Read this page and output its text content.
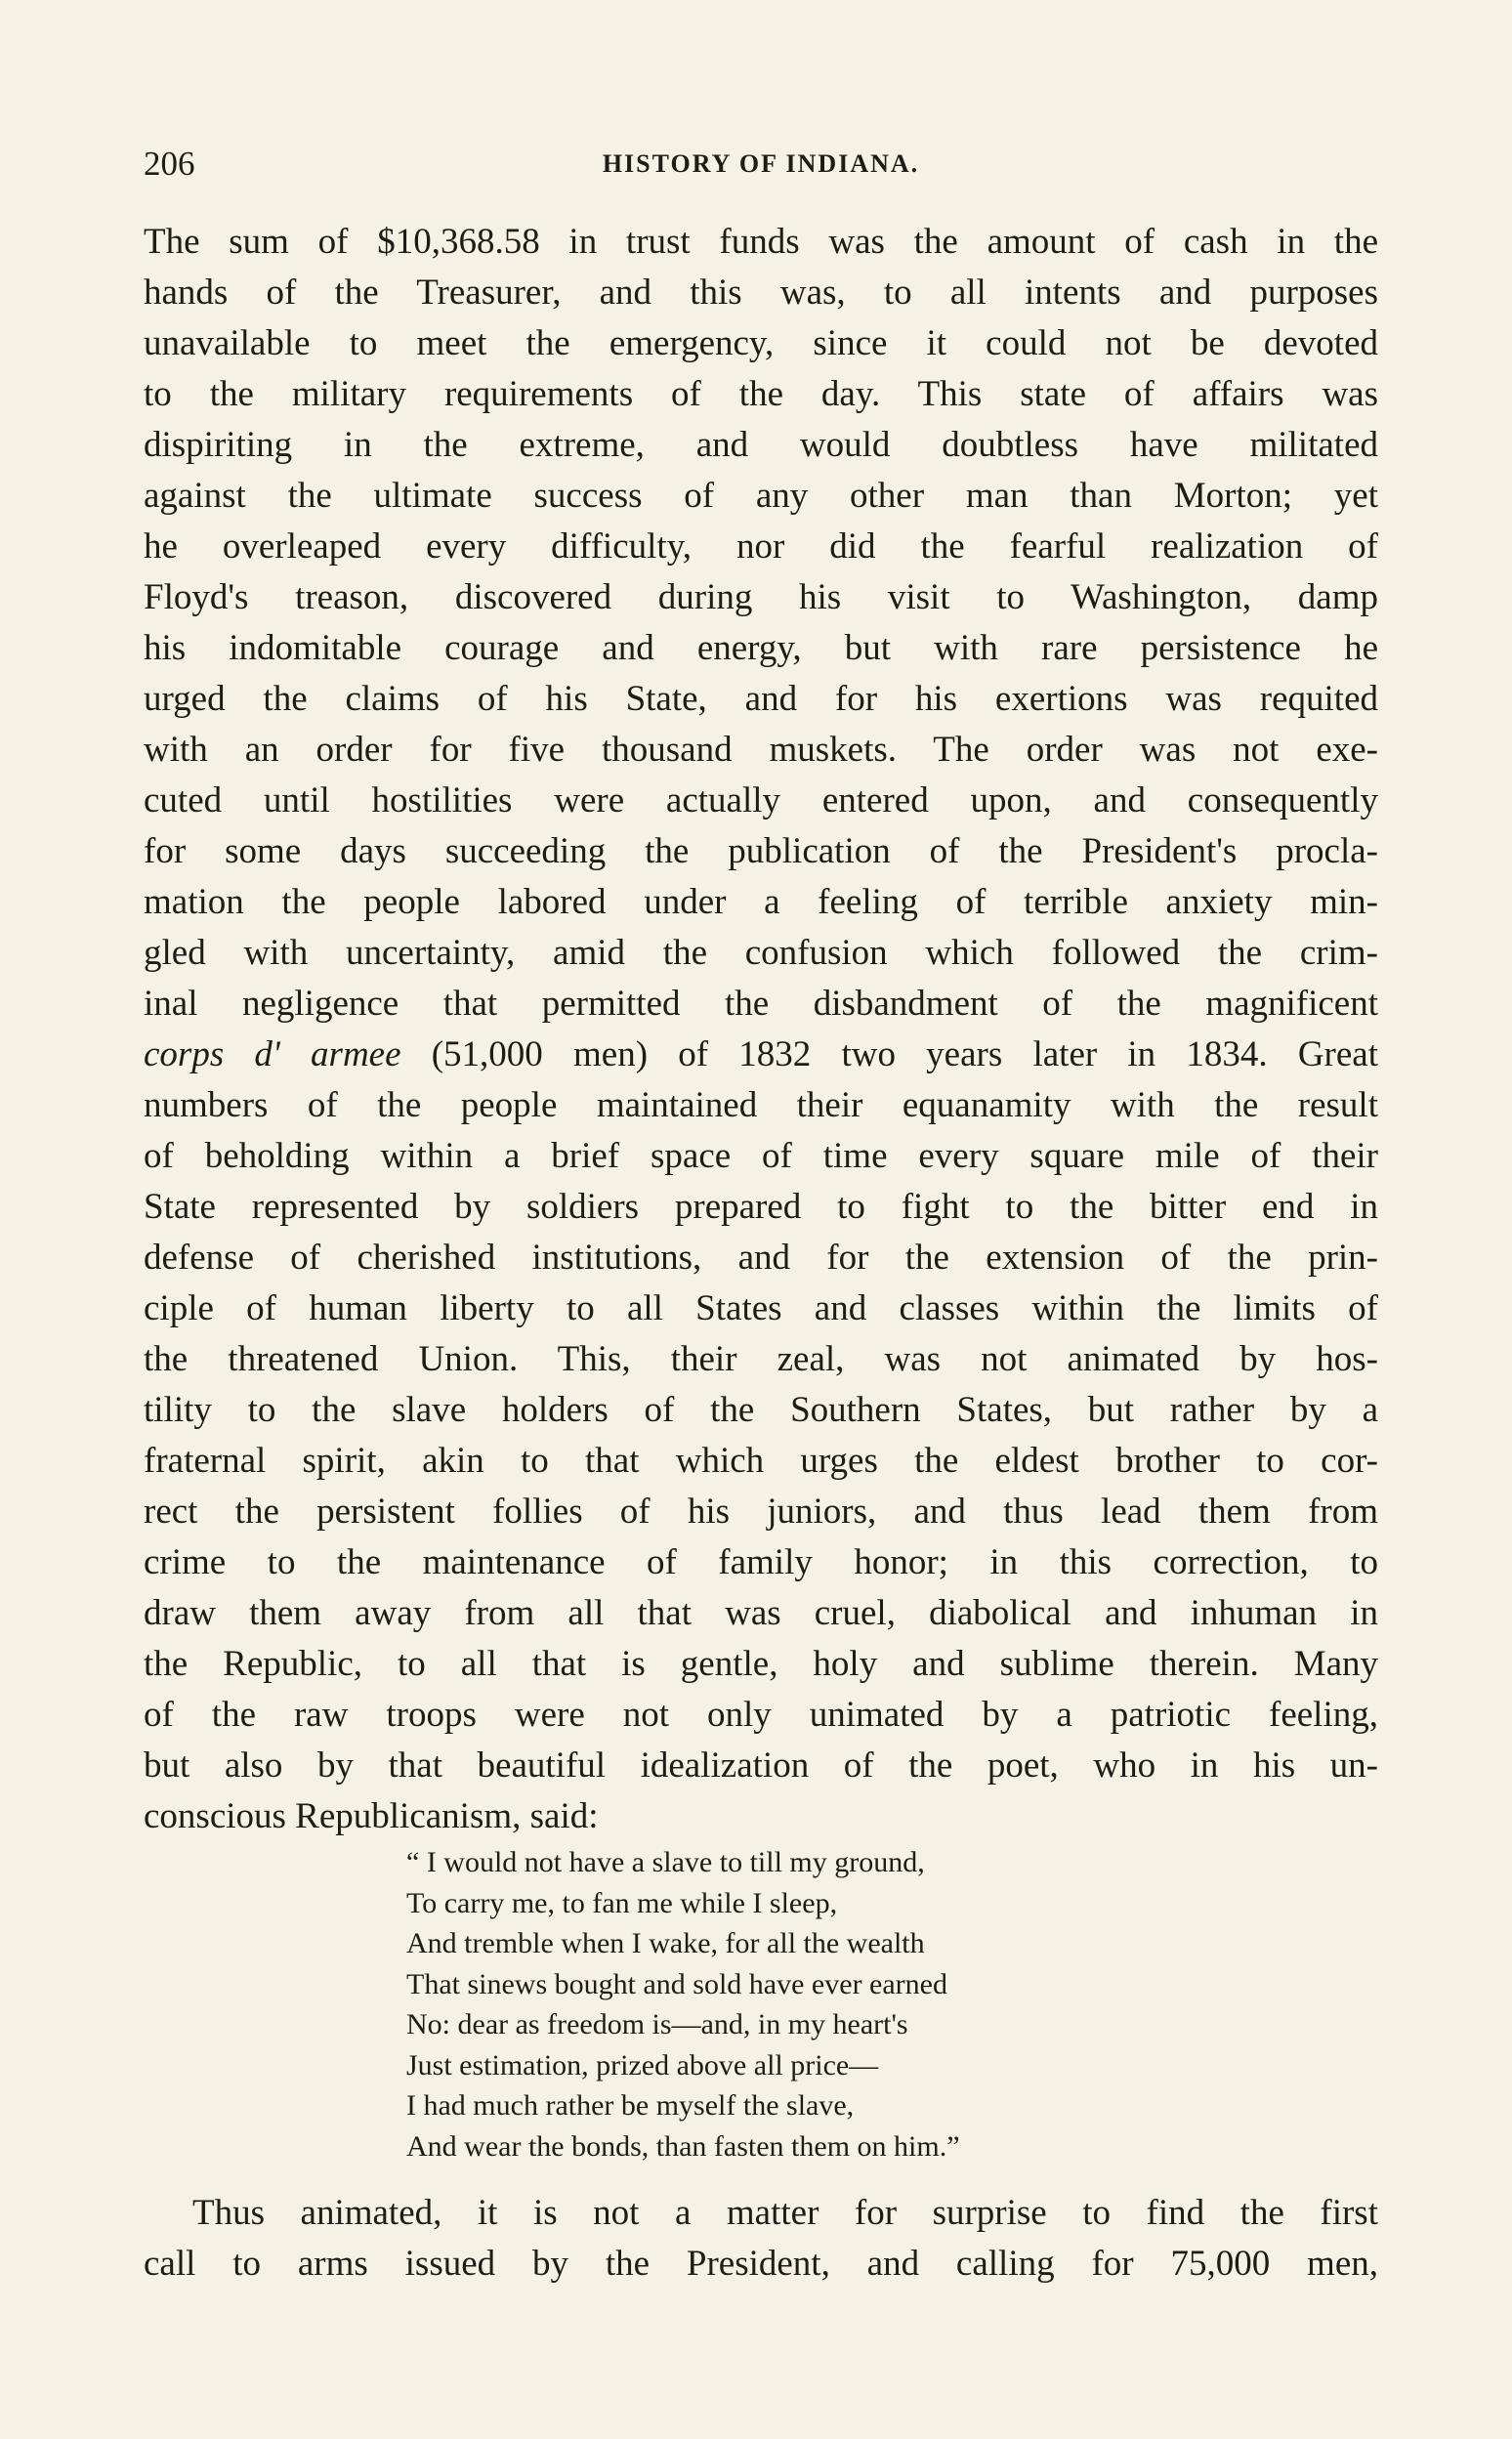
206	HISTORY OF INDIANA.
The sum of $10,368.58 in trust funds was the amount of cash in the
hands of the Treasurer, and this was, to all intents and purposes
unavailable to meet the emergency, since it could not be devoted
to the military requirements of the day. This state of affairs was
dispiriting in the extreme, and would doubtless have militated
against the ultimate success of any other man than Morton; yet
he overleaped every difficulty, nor did the fearful realization of
Floyd's treason, discovered during his visit to Washington, damp
his indomitable courage and energy, but with rare persistence he
urged the claims of his State, and for his exertions was requited
with an order for five thousand muskets. The order was not exe-
cuted until hostilities were actually entered upon, and consequently
for some days succeeding the publication of the President's procla-
mation the people labored under a feeling of terrible anxiety min-
gled with uncertainty, amid the confusion which followed the crim-
inal negligence that permitted the disbandment of the magnificent
corps d' armee (51,000 men) of 1832 two years later in 1834. Great
numbers of the people maintained their equanamity with the result
of beholding within a brief space of time every square mile of their
State represented by soldiers prepared to fight to the bitter end in
defense of cherished institutions, and for the extension of the prin-
ciple of human liberty to all States and classes within the limits of
the threatened Union. This, their zeal, was not animated by hos-
tility to the slave holders of the Southern States, but rather by a
fraternal spirit, akin to that which urges the eldest brother to cor-
rect the persistent follies of his juniors, and thus lead them from
crime to the maintenance of family honor; in this correction, to
draw them away from all that was cruel, diabolical and inhuman in
the Republic, to all that is gentle, holy and sublime therein. Many
of the raw troops were not only unimated by a patriotic feeling,
but also by that beautiful idealization of the poet, who in his un-
conscious Republicanism, said:
“ I would not have a slave to till my ground,
To carry me, to fan me while I sleep,
And tremble when I wake, for all the wealth
That sinews bought and sold have ever earned
No: dear as freedom is—and, in my heart's
Just estimation, prized above all price—
I had much rather be myself the slave,
And wear the bonds, than fasten them on him.”
Thus animated, it is not a matter for surprise to find the first
call to arms issued by the President, and calling for 75,000 men,
